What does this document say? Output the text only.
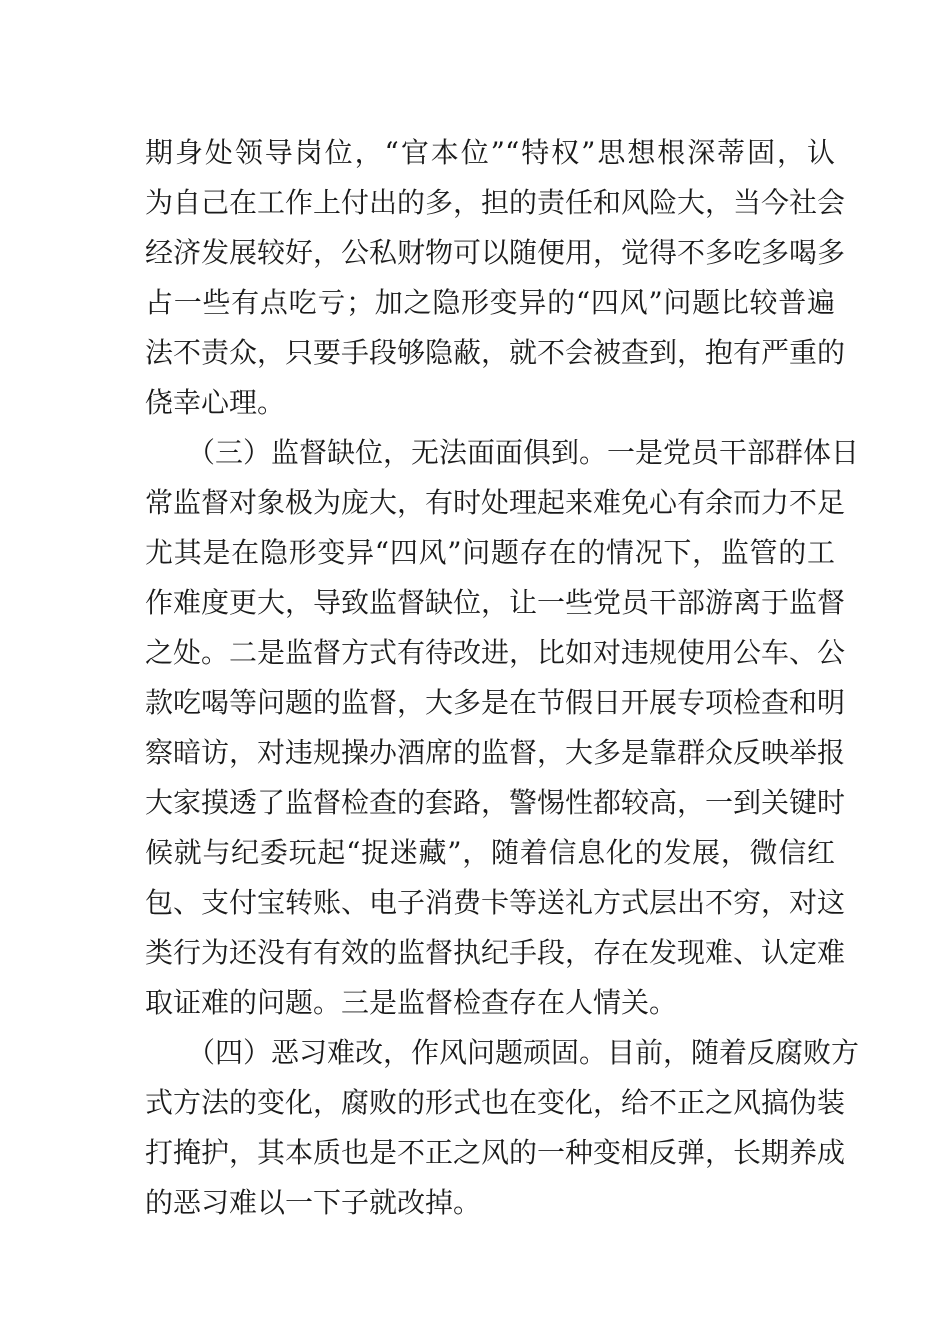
期身处领导岗位，“官本位”“特权”思想根深蒂固，认
为自己在工作上付出的多，担的责任和风险大，当今社会
经济发展较好，公私财物可以随便用，觉得不多吃多喝多
占一些有点吃亏；加之隐形变异的“四风”问题比较普遍
法不责众，只要手段够隐蔽，就不会被查到，抱有严重的
侥幸心理。
（三）监督缺位，无法面面俱到。一是党员干部群体日
常监督对象极为庞大，有时处理起来难免心有余而力不足
尤其是在隐形变异“四风”问题存在的情况下，监管的工
作难度更大，导致监督缺位，让一些党员干部游离于监督
之处。二是监督方式有待改进，比如对违规使用公车、公
款吃喝等问题的监督，大多是在节假日开展专项检查和明
察暗访，对违规操办酒席的监督，大多是靠群众反映举报
大家摸透了监督检查的套路，警惕性都较高，一到关键时
候就与纪委玩起“捉迷藏”，随着信息化的发展，微信红
包、支付宝转账、电子消费卡等送礼方式层出不穷，对这
类行为还没有有效的监督执纪手段，存在发现难、认定难
取证难的问题。三是监督检查存在人情关。
（四）恶习难改，作风问题顽固。目前，随着反腐败方
式方法的变化，腐败的形式也在变化，给不正之风搞伪装
打掩护，其本质也是不正之风的一种变相反弹，长期养成
的恶习难以一下子就改掉。
